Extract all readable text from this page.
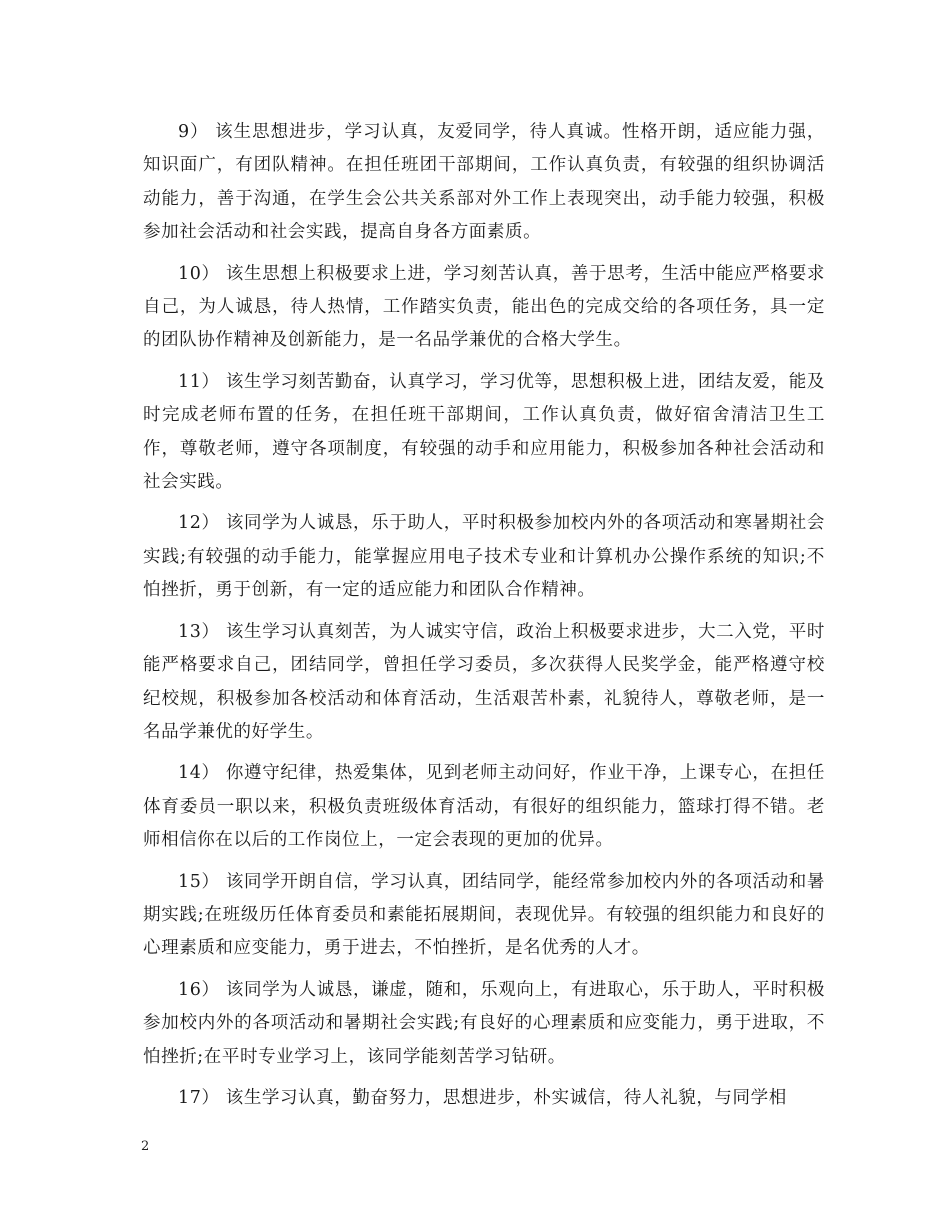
9） 该生思想进步，学习认真，友爱同学，待人真诚。性格开朗，适应能力强，知识面广，有团队精神。在担任班团干部期间，工作认真负责，有较强的组织协调活动能力，善于沟通，在学生会公共关系部对外工作上表现突出，动手能力较强，积极参加社会活动和社会实践，提高自身各方面素质。

10） 该生思想上积极要求上进，学习刻苦认真，善于思考，生活中能应严格要求自己，为人诚恳，待人热情，工作踏实负责，能出色的完成交给的各项任务，具一定的团队协作精神及创新能力，是一名品学兼优的合格大学生。

11） 该生学习刻苦勤奋，认真学习，学习优等，思想积极上进，团结友爱，能及时完成老师布置的任务，在担任班干部期间，工作认真负责，做好宿舍清洁卫生工作，尊敬老师，遵守各项制度，有较强的动手和应用能力，积极参加各种社会活动和社会实践。

12） 该同学为人诚恳，乐于助人，平时积极参加校内外的各项活动和寒暑期社会实践;有较强的动手能力，能掌握应用电子技术专业和计算机办公操作系统的知识;不怕挫折，勇于创新，有一定的适应能力和团队合作精神。

13） 该生学习认真刻苦，为人诚实守信，政治上积极要求进步，大二入党，平时能严格要求自己，团结同学，曾担任学习委员，多次获得人民奖学金，能严格遵守校纪校规，积极参加各校活动和体育活动，生活艰苦朴素，礼貌待人，尊敬老师，是一名品学兼优的好学生。

14） 你遵守纪律，热爱集体，见到老师主动问好，作业干净，上课专心，在担任体育委员一职以来，积极负责班级体育活动，有很好的组织能力，篮球打得不错。老师相信你在以后的工作岗位上，一定会表现的更加的优异。

15） 该同学开朗自信，学习认真，团结同学，能经常参加校内外的各项活动和暑期实践;在班级历任体育委员和素能拓展期间，表现优异。有较强的组织能力和良好的心理素质和应变能力，勇于进去，不怕挫折，是名优秀的人才。

16） 该同学为人诚恳，谦虚，随和，乐观向上，有进取心，乐于助人，平时积极参加校内外的各项活动和暑期社会实践;有良好的心理素质和应变能力，勇于进取，不怕挫折;在平时专业学习上，该同学能刻苦学习钻研。

17） 该生学习认真，勤奋努力，思想进步，朴实诚信，待人礼貌，与同学相

2
